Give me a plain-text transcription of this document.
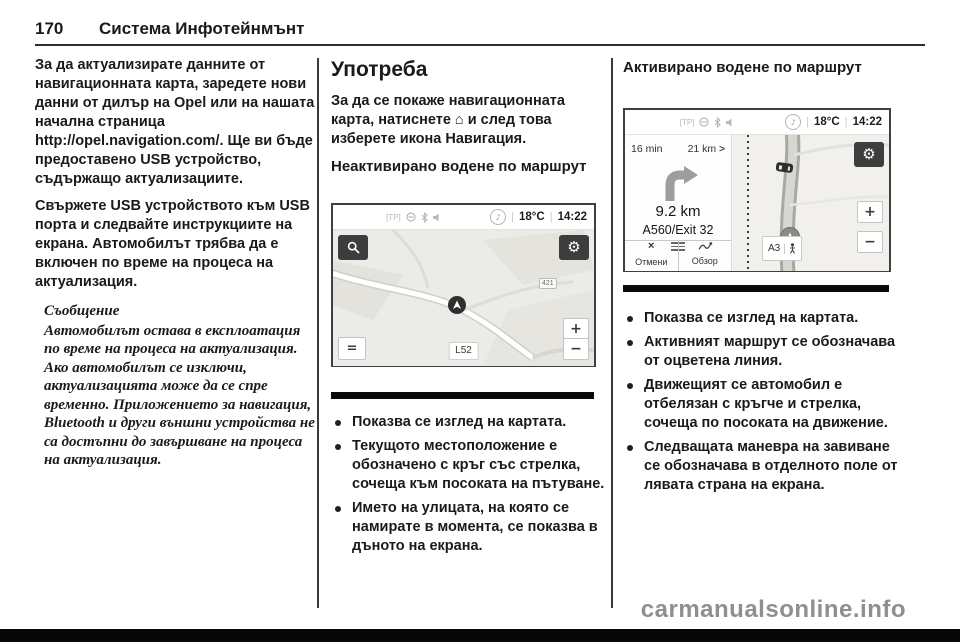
170 Система Инфотейнмънт

За да актуализирате данните от навигационната карта, заредете нови данни от дилър на Opel или на нашата начална страница http://opel.navigation.com/. Ще ви бъде предоставено USB устройство, съдържащо актуализациите.

Свържете USB устройството към USB порта и следвайте инструкциите на екрана. Автомобилът трябва да е включен по време на процеса на актуализация.

Съобщение
Автомобилът остава в експлоатация по време на процеса на актуализация. Ако автомобилът се изключи, актуализацията може да се спре временно. Приложението за навигация, Bluetooth и други външни устройства не са достъпни до завършване на процеса на актуализация.
Употреба

За да се покаже навигационната карта, натиснете ⌂ и след това изберете икона Навигация.

Неактивирано водене по маршрут
[TP]	♪ | 18°C | 14:22
⚙
421
=	L52
+
−
Показва се изглед на картата.
Текущото местоположение е обозначено с кръг със стрелка, сочеща към посоката на пътуване.
Името на улицата, на която се намирате в момента, се показва в дъното на екрана.
Активирано водене по маршрут
[TP]	♪ | 18°C | 14:22
16 min 21 km >
9.2 km
A560/Exit 32
×
Отмени	Обзор
A3
⚙
+
−
Показва се изглед на картата.
Активният маршрут се обозначава от оцветена линия.
Движещият се автомобил е отбелязан с кръгче и стрелка, сочеща по посоката на движение.
Следващата маневра на завиване се обозначава в отделното поле от лявата страна на екрана.
carmanualsonline.info
